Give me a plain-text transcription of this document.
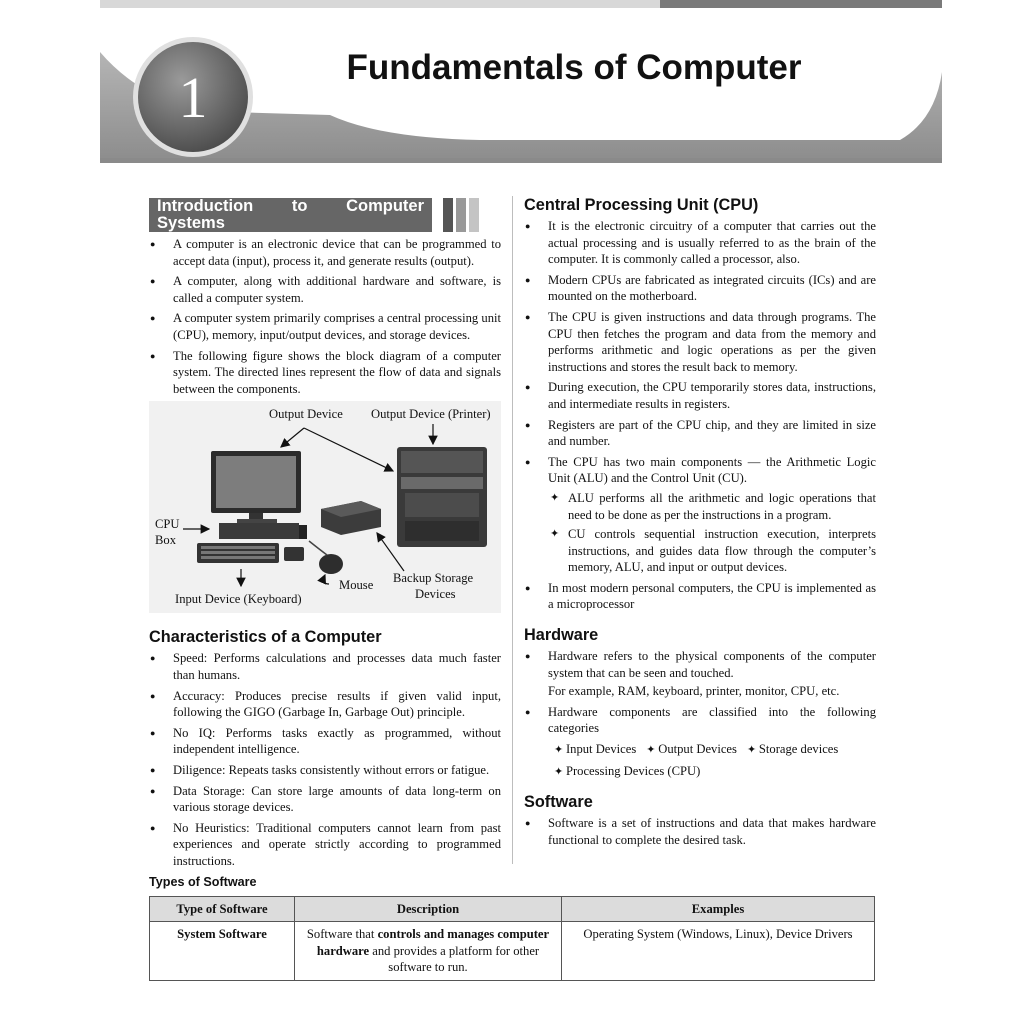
1	Fundamentals of Computer
Introduction to Computer Systems
● A computer is an electronic device that can be programmed to accept data (input), process it, and generate results (output).
● A computer, along with additional hardware and software, is called a computer system.
● A computer system primarily comprises a central processing unit (CPU), memory, input/output devices, and storage devices.
● The following figure shows the block diagram of a computer system. The directed lines represent the flow of data and signals between the components.
Output Device Output Device (Printer)
CPU
Box
Mouse Backup Storage
Devices
Input Device (Keyboard)
Characteristics of a Computer
● Speed: Performs calculations and processes data much faster than humans.
● Accuracy: Produces precise results if given valid input, following the GIGO (Garbage In, Garbage Out) principle.
● No IQ: Performs tasks exactly as programmed, without independent intelligence.
● Diligence: Repeats tasks consistently without errors or fatigue.
● Data Storage: Can store large amounts of data long-term on various storage devices.
● No Heuristics: Traditional computers cannot learn from past experiences and operate strictly according to programmed instructions.
Central Processing Unit (CPU)
● It is the electronic circuitry of a computer that carries out the actual processing and is usually referred to as the brain of the computer. It is commonly called a processor, also.
● Modern CPUs are fabricated as integrated circuits (ICs) and are mounted on the motherboard.
● The CPU is given instructions and data through programs. The CPU then fetches the program and data from the memory and performs arithmetic and logic operations as per the given instructions and stores the result back to memory.
● During execution, the CPU temporarily stores data, instructions, and intermediate results in registers.
● Registers are part of the CPU chip, and they are limited in size and number.
● The CPU has two main components — the Arithmetic Logic Unit (ALU) and the Control Unit (CU).
✦ ALU performs all the arithmetic and logic operations that need to be done as per the instructions in a program.
✦ CU controls sequential instruction execution, interprets instructions, and guides data flow through the computer’s memory, ALU, and input or output devices.
● In most modern personal computers, the CPU is implemented as a microprocessor
Hardware
● Hardware refers to the physical components of the computer system that can be seen and touched.
For example, RAM, keyboard, printer, monitor, CPU, etc.
● Hardware components are classified into the following categories
✦ Input Devices	✦ Output Devices	✦ Storage devices
✦ Processing Devices (CPU)
Software
● Software is a set of instructions and data that makes hardware functional to complete the desired task.
Types of Software
Type of Software	Description	Examples
System Software	Software that controls and manages computer hardware and provides a platform for other software to run.	Operating System (Windows, Linux), Device Drivers
